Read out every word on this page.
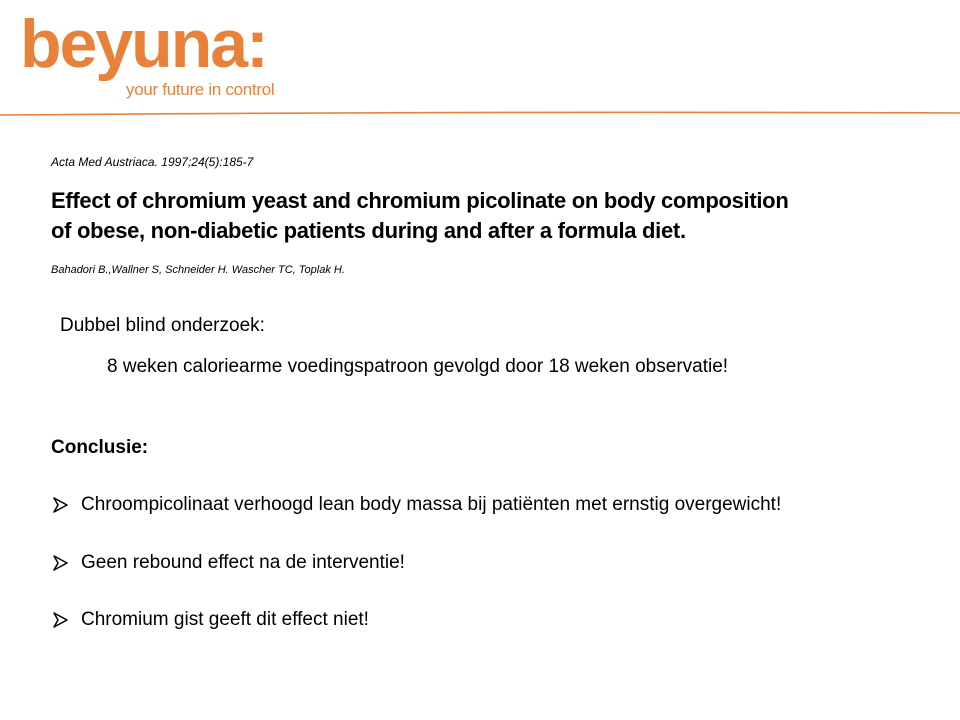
beyuna:
your future in control
Acta Med Austriaca. 1997;24(5):185-7
Effect of chromium yeast and chromium picolinate on body composition
of obese, non-diabetic patients during and after a formula diet.
Bahadori B.,Wallner S, Schneider H. Wascher TC, Toplak H.
Dubbel blind onderzoek:
8 weken caloriearme voedingspatroon gevolgd door 18 weken observatie!
Conclusie:
Chroompicolinaat verhoogd lean body massa bij patiënten met ernstig overgewicht!
Geen rebound effect na de interventie!
Chromium gist geeft dit effect niet!
